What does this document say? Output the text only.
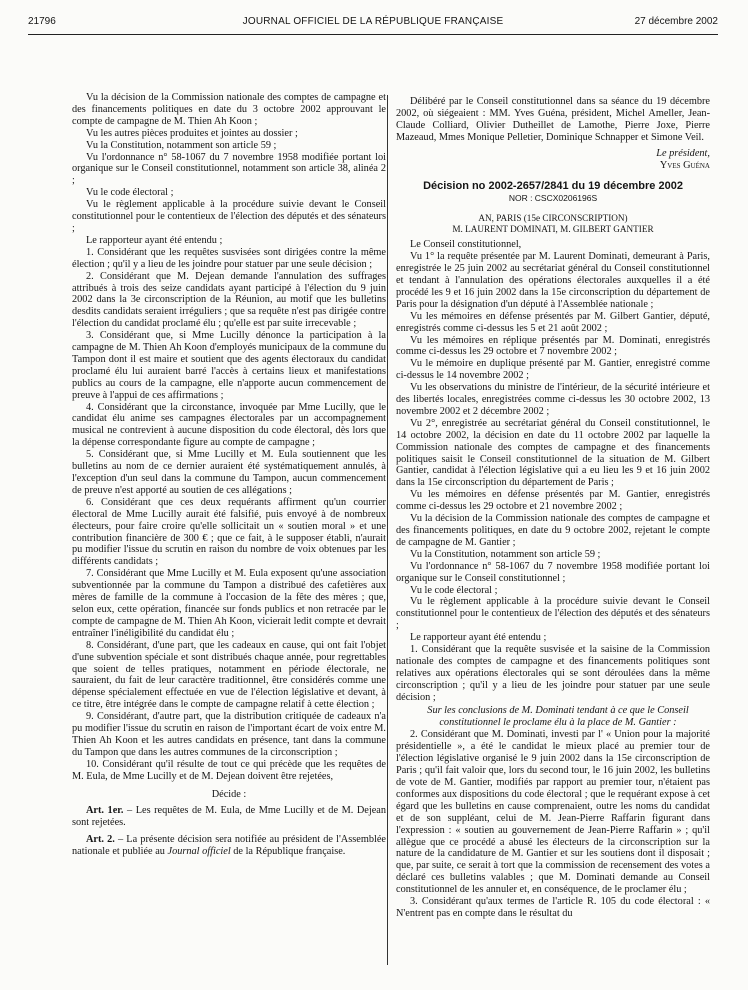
21796	JOURNAL OFFICIEL DE LA RÉPUBLIQUE FRANÇAISE	27 décembre 2002

Vu la décision de la Commission nationale des comptes de campagne et des financements politiques en date du 3 octobre 2002 approuvant le compte de campagne de M. Thien Ah Koon ;

Vu les autres pièces produites et jointes au dossier ;

Vu la Constitution, notamment son article 59 ;

Vu l'ordonnance n° 58-1067 du 7 novembre 1958 modifiée portant loi organique sur le Conseil constitutionnel, notamment son article 38, alinéa 2 ;

Vu le code électoral ;

Vu le règlement applicable à la procédure suivie devant le Conseil constitutionnel pour le contentieux de l'élection des députés et des sénateurs ;

Le rapporteur ayant été entendu ;

1. Considérant que les requêtes susvisées sont dirigées contre la même élection ; qu'il y a lieu de les joindre pour statuer par une seule décision ;

2. Considérant que M. Dejean demande l'annulation des suffrages attribués à trois des seize candidats ayant participé à l'élection du 9 juin 2002 dans la 3e circonscription de la Réunion, au motif que les bulletins desdits candidats seraient irréguliers ; que sa requête n'est pas dirigée contre l'élection du candidat proclamé élu ; qu'elle est par suite irrecevable ;

3. Considérant que, si Mme Lucilly dénonce la participation à la campagne de M. Thien Ah Koon d'employés municipaux de la commune du Tampon dont il est maire et soutient que des agents électoraux du candidat proclamé élu lui auraient barré l'accès à certains lieux et manifestations publics au cours de la campagne, elle n'apporte aucun commencement de preuve à l'appui de ces affirmations ;

4. Considérant que la circonstance, invoquée par Mme Lucilly, que le candidat élu anime ses campagnes électorales par un accompagnement musical ne contrevient à aucune disposition du code électoral, dès lors que la dépense correspondante figure au compte de campagne ;

5. Considérant que, si Mme Lucilly et M. Eula soutiennent que les bulletins au nom de ce dernier auraient été systématiquement annulés, à l'exception d'un seul dans la commune du Tampon, aucun commencement de preuve n'est apporté au soutien de ces allégations ;

6. Considérant que ces deux requérants affirment qu'un courrier électoral de Mme Lucilly aurait été falsifié, puis envoyé à de nombreux électeurs, pour faire croire qu'elle sollicitait un « soutien moral » et une contribution financière de 300 € ; que ce fait, à le supposer établi, n'aurait pu modifier l'issue du scrutin en raison du nombre de voix obtenues par les différents candidats ;

7. Considérant que Mme Lucilly et M. Eula exposent qu'une association subventionnée par la commune du Tampon a distribué des cafetières aux mères de famille de la commune à l'occasion de la fête des mères ; que, selon eux, cette opération, financée sur fonds publics et non retracée par le compte de campagne de M. Thien Ah Koon, vicierait ledit compte et devrait entraîner l'inéligibilité du candidat élu ;

8. Considérant, d'une part, que les cadeaux en cause, qui ont fait l'objet d'une subvention spéciale et sont distribués chaque année, pour regrettables que soient de telles pratiques, notamment en période électorale, ne sauraient, du fait de leur caractère traditionnel, être considérés comme une dépense spécialement effectuée en vue de l'élection législative et devant, à ce titre, être intégrée dans le compte de campagne relatif à cette élection ;

9. Considérant, d'autre part, que la distribution critiquée de cadeaux n'a pu modifier l'issue du scrutin en raison de l'important écart de voix entre M. Thien Ah Koon et les autres candidats en présence, tant dans la commune du Tampon que dans les autres communes de la circonscription ;

10. Considérant qu'il résulte de tout ce qui précède que les requêtes de M. Eula, de Mme Lucilly et de M. Dejean doivent être rejetées,

Décide :

Art. 1er. – Les requêtes de M. Eula, de Mme Lucilly et de M. Dejean sont rejetées.

Art. 2. – La présente décision sera notifiée au président de l'Assemblée nationale et publiée au Journal officiel de la République française.

Délibéré par le Conseil constitutionnel dans sa séance du 19 décembre 2002, où siégeaient : MM. Yves Guéna, président, Michel Ameller, Jean-Claude Colliard, Olivier Dutheillet de Lamothe, Pierre Joxe, Pierre Mazeaud, Mmes Monique Pelletier, Dominique Schnapper et Simone Veil.

Le président,
Yves Guéna
Décision no 2002-2657/2841 du 19 décembre 2002
NOR : CSCX0206196S
AN, PARIS (15e CIRCONSCRIPTION)
M. LAURENT DOMINATI, M. GILBERT GANTIER

Le Conseil constitutionnel,

Vu 1° la requête présentée par M. Laurent Dominati, demeurant à Paris, enregistrée le 25 juin 2002 au secrétariat général du Conseil constitutionnel et tendant à l'annulation des opérations électorales auxquelles il a été procédé les 9 et 16 juin 2002 dans la 15e circonscription du département de Paris pour la désignation d'un député à l'Assemblée nationale ;

Vu les mémoires en défense présentés par M. Gilbert Gantier, député, enregistrés comme ci-dessus les 5 et 21 août 2002 ;

Vu les mémoires en réplique présentés par M. Dominati, enregistrés comme ci-dessus les 29 octobre et 7 novembre 2002 ;

Vu le mémoire en duplique présenté par M. Gantier, enregistré comme ci-dessus le 14 novembre 2002 ;

Vu les observations du ministre de l'intérieur, de la sécurité intérieure et des libertés locales, enregistrées comme ci-dessus les 30 octobre 2002, 13 novembre 2002 et 2 décembre 2002 ;

Vu 2°, enregistrée au secrétariat général du Conseil constitutionnel, le 14 octobre 2002, la décision en date du 11 octobre 2002 par laquelle la Commission nationale des comptes de campagne et des financements politiques saisit le Conseil constitutionnel de la situation de M. Gilbert Gantier, candidat à l'élection législative qui a eu lieu les 9 et 16 juin 2002 dans la 15e circonscription du département de Paris ;

Vu les mémoires en défense présentés par M. Gantier, enregistrés comme ci-dessus les 29 octobre et 21 novembre 2002 ;

Vu la décision de la Commission nationale des comptes de campagne et des financements politiques, en date du 9 octobre 2002, rejetant le compte de campagne de M. Gantier ;

Vu la Constitution, notamment son article 59 ;

Vu l'ordonnance n° 58-1067 du 7 novembre 1958 modifiée portant loi organique sur le Conseil constitutionnel ;

Vu le code électoral ;

Vu le règlement applicable à la procédure suivie devant le Conseil constitutionnel pour le contentieux de l'élection des députés et des sénateurs ;

Le rapporteur ayant été entendu ;

1. Considérant que la requête susvisée et la saisine de la Commission nationale des comptes de campagne et des financements politiques sont relatives aux opérations électorales qui se sont déroulées dans la même circonscription ; qu'il y a lieu de les joindre pour statuer par une seule décision ;

Sur les conclusions de M. Dominati tendant à ce que le Conseil constitutionnel le proclame élu à la place de M. Gantier :

2. Considérant que M. Dominati, investi par l' « Union pour la majorité présidentielle », a été le candidat le mieux placé au premier tour de l'élection législative organisé le 9 juin 2002 dans la 15e circonscription de Paris ; qu'il fait valoir que, lors du second tour, le 16 juin 2002, les bulletins de vote de M. Gantier, modifiés par rapport au premier tour, n'étaient pas conformes aux dispositions du code électoral ; que le requérant expose à cet égard que les bulletins en cause comprenaient, outre les noms du candidat et de son suppléant, celui de M. Jean-Pierre Raffarin figurant dans l'expression : « soutien au gouvernement de Jean-Pierre Raffarin » ; qu'il allègue que ce procédé a abusé les électeurs de la circonscription sur la nature de la candidature de M. Gantier et sur les soutiens dont il disposait ; que, par suite, ce serait à tort que la commission de recensement des votes a déclaré ces bulletins valables ; que M. Dominati demande au Conseil constitutionnel de les annuler et, en conséquence, de le proclamer élu ;

3. Considérant qu'aux termes de l'article R. 105 du code électoral : « N'entrent pas en compte dans le résultat du
